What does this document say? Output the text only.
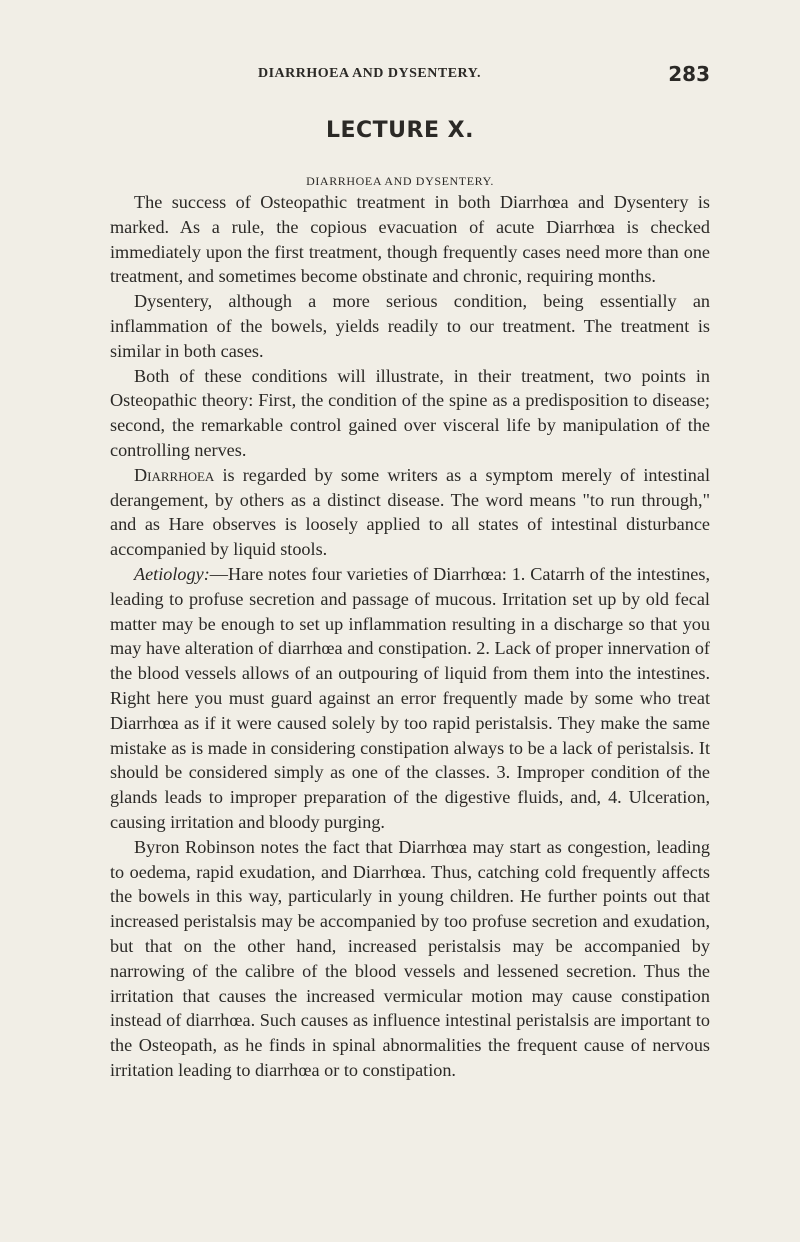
DIARRHOEA AND DYSENTERY.	283
LECTURE X.
DIARRHOEA AND DYSENTERY.

The success of Osteopathic treatment in both Diarrhœa and Dysentery is marked. As a rule, the copious evacuation of acute Diarrhœa is checked immediately upon the first treatment, though frequently cases need more than one treatment, and sometimes become obstinate and chronic, requiring months.

Dysentery, although a more serious condition, being essentially an inflammation of the bowels, yields readily to our treatment. The treatment is similar in both cases.

Both of these conditions will illustrate, in their treatment, two points in Osteopathic theory: First, the condition of the spine as a predisposition to disease; second, the remarkable control gained over visceral life by manipulation of the controlling nerves.

Diarrhoea is regarded by some writers as a symptom merely of intestinal derangement, by others as a distinct disease. The word means "to run through," and as Hare observes is loosely applied to all states of intestinal disturbance accompanied by liquid stools.

Aetiology:—Hare notes four varieties of Diarrhœa: 1. Catarrh of the intestines, leading to profuse secretion and passage of mucous. Irritation set up by old fecal matter may be enough to set up inflammation resulting in a discharge so that you may have alteration of diarrhœa and constipation. 2. Lack of proper innervation of the blood vessels allows of an outpouring of liquid from them into the intestines. Right here you must guard against an error frequently made by some who treat Diarrhœa as if it were caused solely by too rapid peristalsis. They make the same mistake as is made in considering constipation always to be a lack of peristalsis. It should be considered simply as one of the classes. 3. Improper condition of the glands leads to improper preparation of the digestive fluids, and, 4. Ulceration, causing irritation and bloody purging.

Byron Robinson notes the fact that Diarrhœa may start as congestion, leading to oedema, rapid exudation, and Diarrhœa. Thus, catching cold frequently affects the bowels in this way, particularly in young children. He further points out that increased peristalsis may be accompanied by too profuse secretion and exudation, but that on the other hand, increased peristalsis may be accompanied by narrowing of the calibre of the blood vessels and lessened secretion. Thus the irritation that causes the increased vermicular motion may cause constipation instead of diarrhœa. Such causes as influence intestinal peristalsis are important to the Osteopath, as he finds in spinal abnormalities the frequent cause of nervous irritation leading to diarrhœa or to constipation.
